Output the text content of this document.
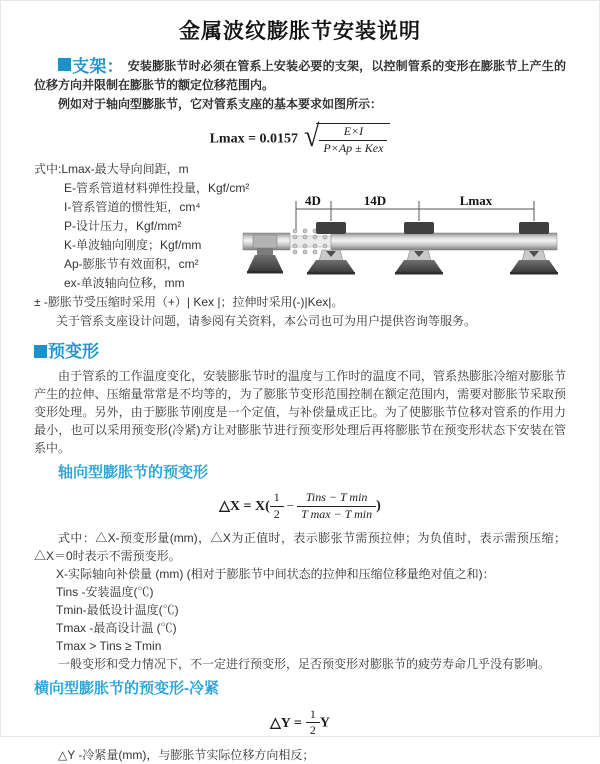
金属波纹膨胀节安装说明

支架： 安装膨胀节时必须在管系上安装必要的支架，以控制管系的变形在膨胀节上产生的位移方向并限制在膨胀节的额定位移范围内。

例如对于轴向型膨胀节，它对管系支座的基本要求如图所示：

Lmax = 0.0157 √ $\frac{E\times I}{\text{P×Ap ± Kex}}$
式中:Lmax-最大导向间距，m
E-管系管道材料弹性投量，Kgf/cm²
I-管系管道的惯性矩，cm⁴
P-设计压力，Kgf/mm²
K-单波轴向刚度；Kgf/mm
Ap-膨胀节有效面积，cm²
ex-单波轴向位移，mm

± -膨胀节受压缩时采用（+）| Kex |；拉伸时采用(-)|Kex|。

关于管系支座设计问题，请参阅有关资料，本公司也可为用户提供咨询等服务。

预变形

由于管系的工作温度变化，安装膨胀节时的温度与工作时的温度不同，管系热膨胀冷缩对膨胀节产生的拉伸、压缩量常常是不均等的，为了膨胀节变形范围控制在额定范围内，需要对膨胀节采取预变形处理。另外，由于膨胀节刚度是一个定值，与补偿量成正比。为了使膨胀节位移对管系的作用力最小，也可以采用预变形(冷紧)方让对膨胀节进行预变形处理后再将膨胀节在预变形状态下安装在管系中。

轴向型膨胀节的预变形
△X = $X( \frac{1}{2} - \frac{\text{Tins − T min}}{\text{T max − T min}}$ )

式中：△X-预变形量(mm)，△X为正值时，表示膨张节需预拉伸；为负值时，表示需预压缩；△X＝0时表示不需预变形。

X-实际轴向补偿量 (mm) (相对于膨胀节中间状态的拉伸和压缩位移量绝对值之和)：
Tins -安装温度(℃)
Tmin-最低设计温度(℃)
Tmax -最高设计温 (℃)
Tmax > Tins ≥ Tmin

一般变形和受力情况下，不一定进行预变形，足否预变形对膨胀节的疲劳寿命几乎没有影响。

横向型膨胀节的预变形-冷紧
△Y = $\frac{1}{2}$ Y

△Y -冷紧量(mm)，与膨胀节实际位移方向相反；

4D	14D	Lmax
